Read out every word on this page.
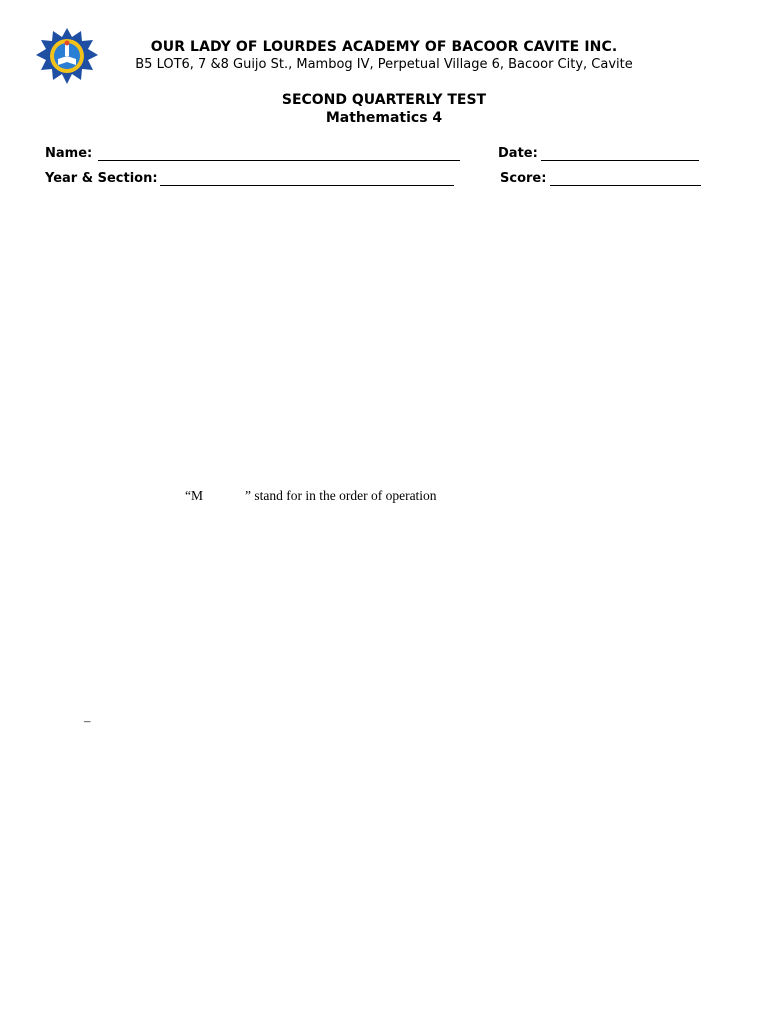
OUR LADY OF LOURDES ACADEMY OF BACOOR CAVITE INC.
B5 LOT6, 7 &8 Guijo St., Mambog IV, Perpetual Village 6, Bacoor City, Cavite
SECOND QUARTERLY TEST
Mathematics 4
Name:	Date:
Year & Section:	Score:
“M	” stand for in the order of operation
–
